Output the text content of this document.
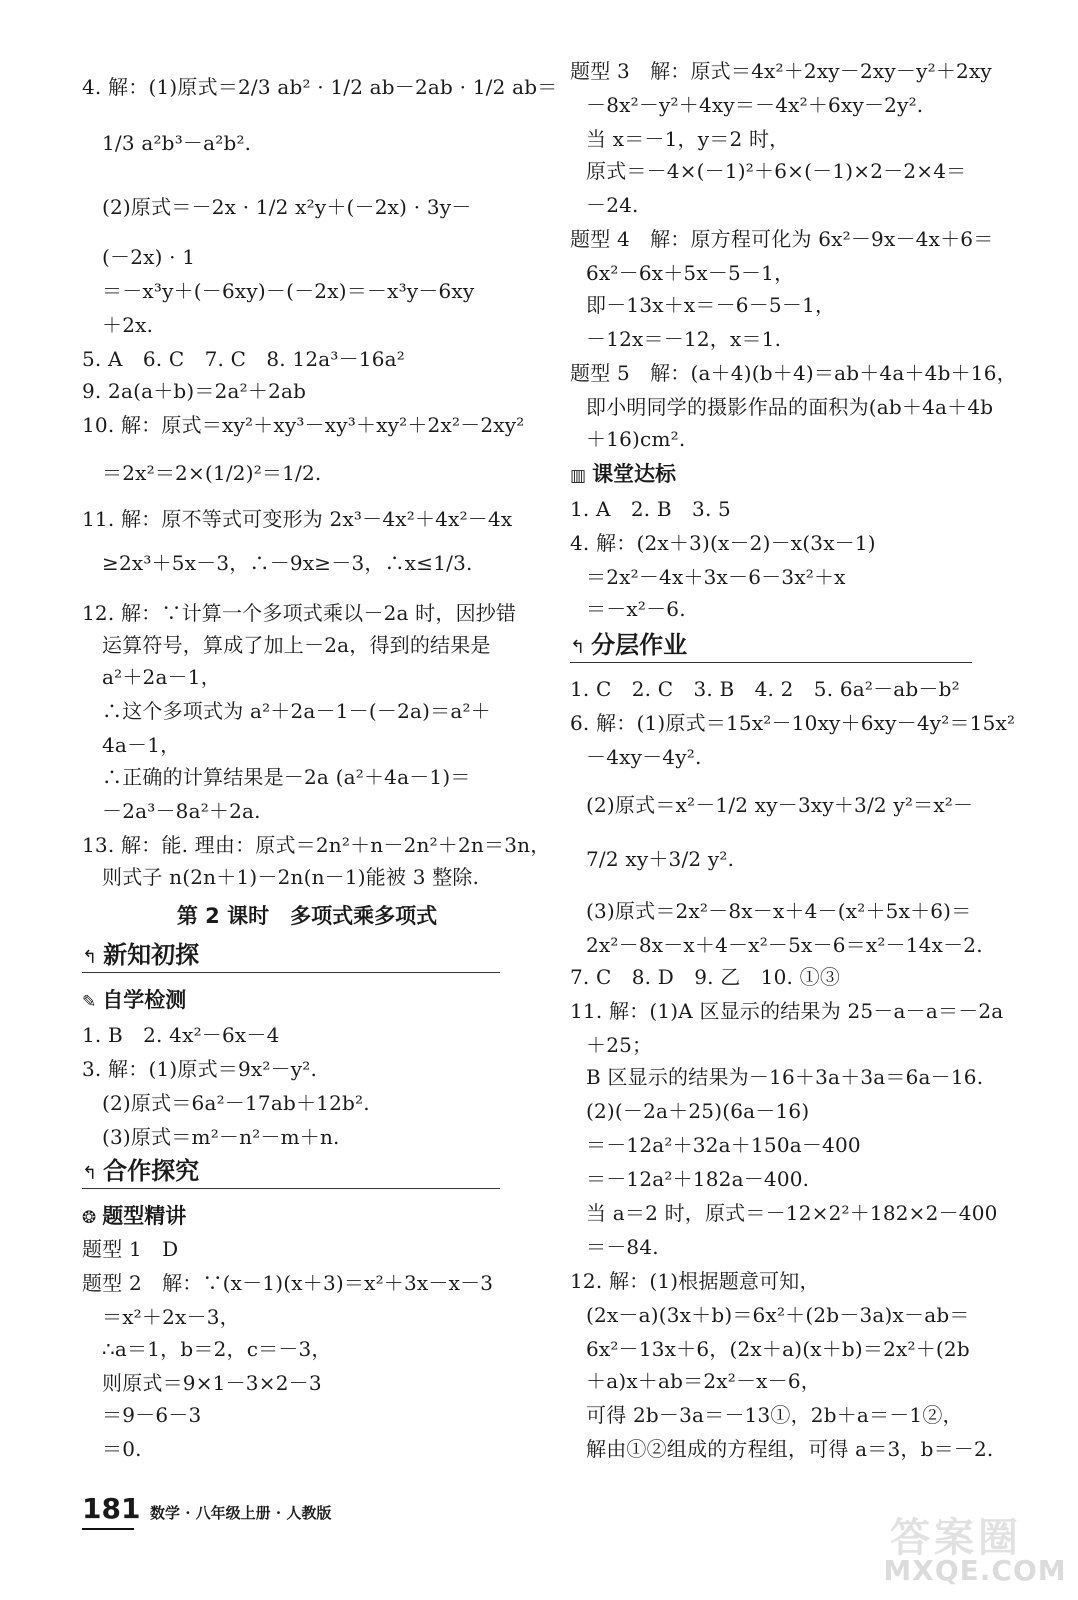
4. 解：(1)原式＝2/3 ab² · 1/2 ab－2ab · 1/2 ab＝
1/3 a²b³－a²b².
(2)原式＝－2x · 1/2 x²y＋(－2x) · 3y－
(－2x) · 1
＝－x³y＋(－6xy)－(－2x)＝－x³y－6xy
＋2x.
5. A　6. C　7. C　8. 12a³－16a²
9. 2a(a＋b)＝2a²＋2ab
10. 解：原式＝xy²＋xy³－xy³＋xy²＋2x²－2xy²
＝2x²＝2×(1/2)²＝1/2.
11. 解：原不等式可变形为 2x³－4x²＋4x²－4x
≥2x³＋5x－3，∴－9x≥－3，∴x≤1/3.
12. 解：∵计算一个多项式乘以－2a 时，因抄错
运算符号，算成了加上－2a，得到的结果是
a²＋2a－1，
∴这个多项式为 a²＋2a－1－(－2a)＝a²＋
4a－1，
∴正确的计算结果是－2a (a²＋4a－1)＝
－2a³－8a²＋2a.
13. 解：能. 理由：原式＝2n²＋n－2n²＋2n＝3n，
则式子 n(2n＋1)－2n(n－1)能被 3 整除.
第 2 课时　多项式乘多项式
↰ 新知初探
✎ 自学检测
1. B　2. 4x²－6x－4
3. 解：(1)原式＝9x²－y².
(2)原式＝6a²－17ab＋12b².
(3)原式＝m²－n²－m＋n.
↰ 合作探究
❂ 题型精讲
题型 1　D
题型 2　解：∵(x－1)(x＋3)＝x²＋3x－x－3
＝x²＋2x－3，
∴a＝1，b＝2，c＝－3，
则原式＝9×1－3×2－3
＝9－6－3
＝0.
题型 3　解：原式＝4x²＋2xy－2xy－y²＋2xy
－8x²－y²＋4xy＝－4x²＋6xy－2y².
当 x＝－1，y＝2 时，
原式＝－4×(－1)²＋6×(－1)×2－2×4＝
－24.
题型 4　解：原方程可化为 6x²－9x－4x＋6＝
6x²－6x＋5x－5－1，
即－13x＋x＝－6－5－1，
－12x＝－12，x＝1.
题型 5　解：(a＋4)(b＋4)＝ab＋4a＋4b＋16，
即小明同学的摄影作品的面积为(ab＋4a＋4b
＋16)cm².
▥ 课堂达标
1. A　2. B　3. 5
4. 解：(2x＋3)(x－2)－x(3x－1)
＝2x²－4x＋3x－6－3x²＋x
＝－x²－6.
↰ 分层作业
1. C　2. C　3. B　4. 2　5. 6a²－ab－b²
6. 解：(1)原式＝15x²－10xy＋6xy－4y²＝15x²
－4xy－4y².
(2)原式＝x²－1/2 xy－3xy＋3/2 y²＝x²－
7/2 xy＋3/2 y².
(3)原式＝2x²－8x－x＋4－(x²＋5x＋6)＝
2x²－8x－x＋4－x²－5x－6＝x²－14x－2.
7. C　8. D　9. 乙　10. ①③
11. 解：(1)A 区显示的结果为 25－a－a＝－2a
＋25；
B 区显示的结果为－16＋3a＋3a＝6a－16.
(2)(－2a＋25)(6a－16)
＝－12a²＋32a＋150a－400
＝－12a²＋182a－400.
当 a＝2 时，原式＝－12×2²＋182×2－400
＝－84.
12. 解：(1)根据题意可知，
(2x－a)(3x＋b)＝6x²＋(2b－3a)x－ab＝
6x²－13x＋6，(2x＋a)(x＋b)＝2x²＋(2b
＋a)x＋ab＝2x²－x－6，
可得 2b－3a＝－13①，2b＋a＝－1②，
解由①②组成的方程组，可得 a＝3，b＝－2.
181 数学 · 八年级上册 · 人教版
答案圈
MXQE.COM
